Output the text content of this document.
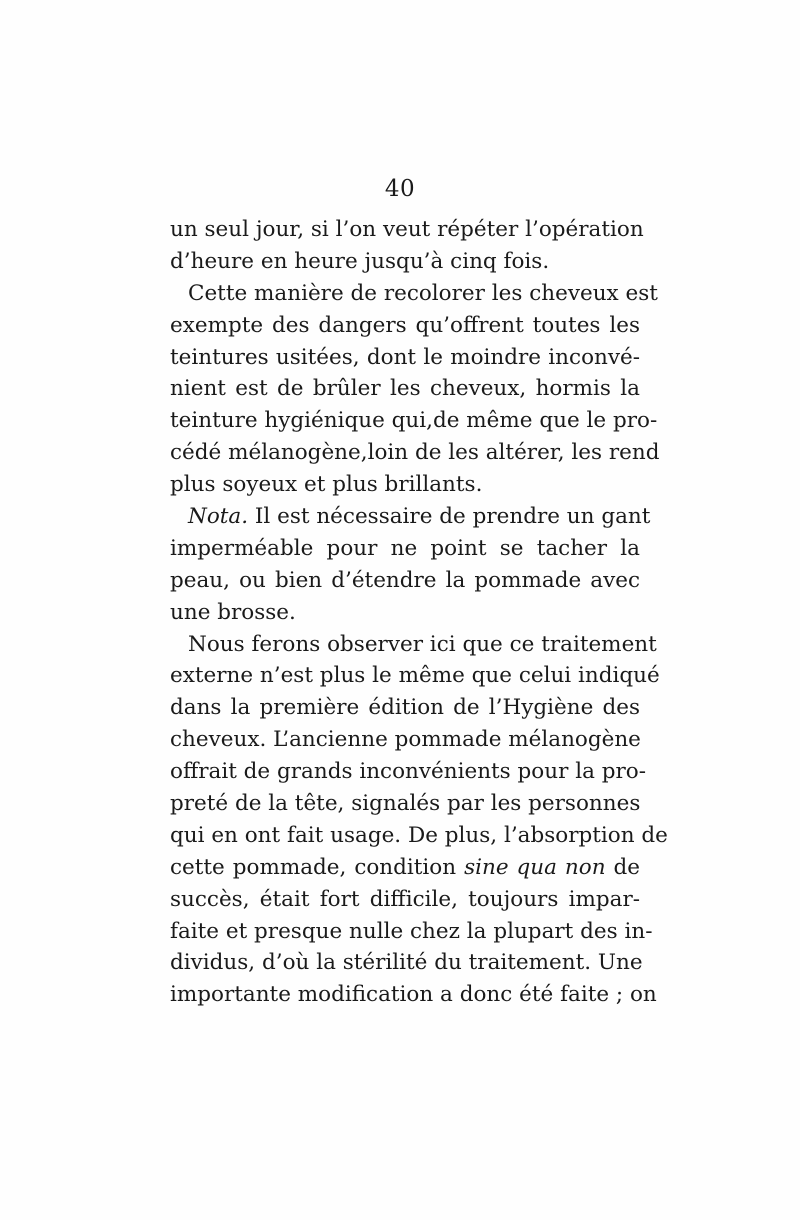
40
un seul jour, si l’on veut répéter l’opération
d’heure en heure jusqu’à cinq fois.
Cette manière de recolorer les cheveux est
exempte des dangers qu’offrent toutes les
teintures usitées, dont le moindre inconvé-
nient est de brûler les cheveux, hormis la
teinture hygiénique qui,de même que le pro-
cédé mélanogène,loin de les altérer, les rend
plus soyeux et plus brillants.
Nota. Il est nécessaire de prendre un gant
imperméable pour ne point se tacher la
peau, ou bien d’étendre la pommade avec
une brosse.
Nous ferons observer ici que ce traitement
externe n’est plus le même que celui indiqué
dans la première édition de l’Hygiène des
cheveux. L’ancienne pommade mélanogène
offrait de grands inconvénients pour la pro-
preté de la tête, signalés par les personnes
qui en ont fait usage. De plus, l’absorption de
cette pommade, condition sine qua non de
succès, était fort difficile, toujours impar-
faite et presque nulle chez la plupart des in-
dividus, d’où la stérilité du traitement. Une
importante modification a donc été faite ; on
